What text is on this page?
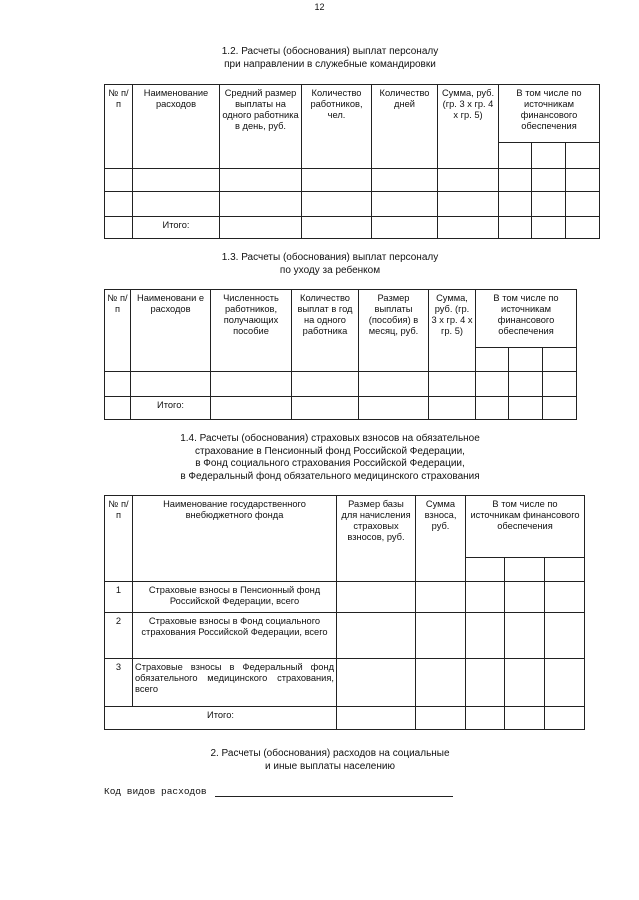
12
1.2. Расчеты (обоснования) выплат персоналу
при направлении в служебные командировки
№ п/п	Наименование расходов	Средний размер выплаты на одного работника в день, руб.	Количество работников, чел.	Количество дней	Сумма, руб. (гр. 3 х гр. 4 х гр. 5)	В том числе по источникам финансового обеспечения		

	Итого:							
1.3. Расчеты (обоснования) выплат персоналу
по уходу за ребенком
№ п/п	Наименовани е расходов	Численность работников, получающих пособие	Количество выплат в год на одного работника	Размер выплаты (пособия) в месяц, руб.	Сумма, руб. (гр. 3 х гр. 4 х гр. 5)	В том числе по источникам финансового обеспечения		

	Итого:							
1.4. Расчеты (обоснования) страховых взносов на обязательное
страхование в Пенсионный фонд Российской Федерации,
в Фонд социального страхования Российской Федерации,
в Федеральный фонд обязательного медицинского страхования
№ п/п	Наименование государственного внебюджетного фонда	Размер базы для начисления страховых взносов, руб.	Сумма взноса, руб.	В том числе по источникам финансового обеспечения		

1	Страховые взносы в Пенсионный фонд Российской Федерации, всего					
2	Страховые взносы в Фонд социального страхования Российской Федерации, всего					
3	Страховые взносы в Федеральный фонд обязательного медицинского страхования, всего					
Итого:						
2. Расчеты (обоснования) расходов на социальные
и иные выплаты населению
Код видов расходов
